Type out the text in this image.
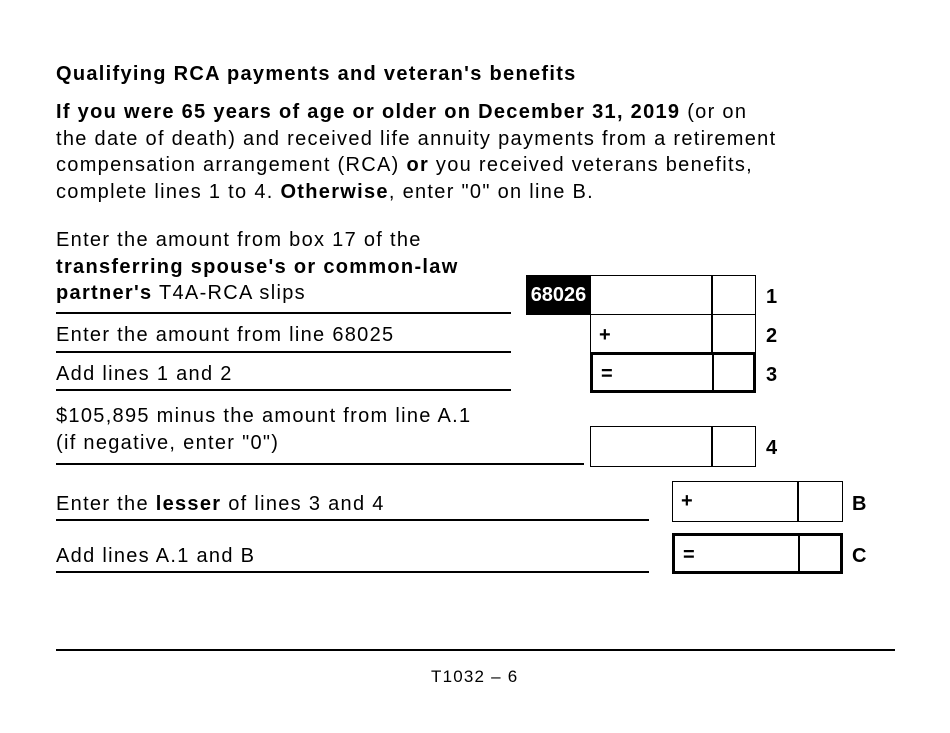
Qualifying RCA payments and veteran's benefits
If you were 65 years of age or older on December 31, 2019 (or on
the date of death) and received life annuity payments from a retirement
compensation arrangement (RCA) or you received veterans benefits,
complete lines 1 to 4. Otherwise, enter "0" on line B.
Enter the amount from box 17 of the
transferring spouse's or common-law
partner's T4A-RCA slips	68026	1
Enter the amount from line 68025	+	2
Add lines 1 and 2	=	3
$105,895 minus the amount from line A.1
(if negative, enter "0")	4
Enter the lesser of lines 3 and 4	+	B
Add lines A.1 and B	=	C
T1032 – 6
